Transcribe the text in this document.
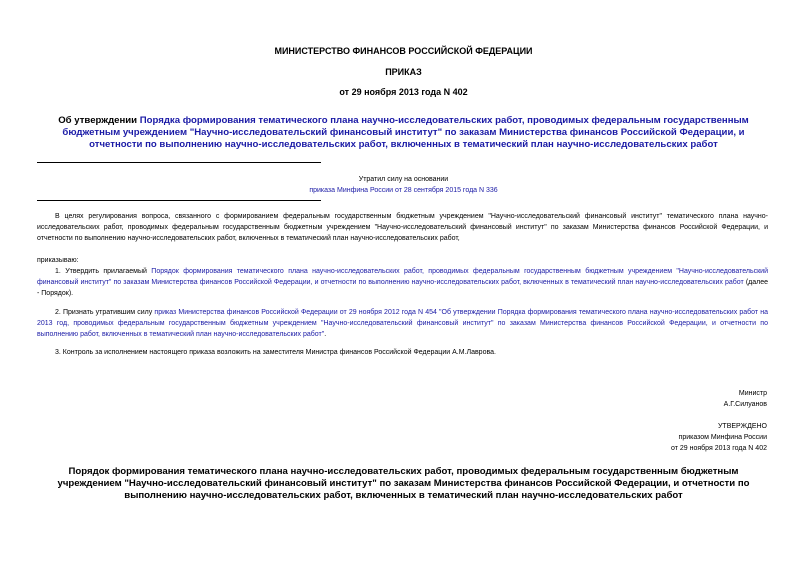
МИНИСТЕРСТВО ФИНАНСОВ РОССИЙСКОЙ ФЕДЕРАЦИИ
ПРИКАЗ
от 29 ноября 2013 года N 402
Об утверждении Порядка формирования тематического плана научно-исследовательских работ, проводимых федеральным государственным бюджетным учреждением "Научно-исследовательский финансовый институт" по заказам Министерства финансов Российской Федерации, и отчетности по выполнению научно-исследовательских работ, включенных в тематический план научно-исследовательских работ
Утратил силу на основании
приказа Минфина России от 28 сентября 2015 года N 336
В целях регулирования вопроса, связанного с формированием федеральным государственным бюджетным учреждением "Научно-исследовательский финансовый институт" тематического плана научно-исследовательских работ, проводимых федеральным государственным бюджетным учреждением "Научно-исследовательский финансовый институт" по заказам Министерства финансов Российской Федерации, и отчетности по выполнению научно-исследовательских работ, включенных в тематический план научно-исследовательских работ,
приказываю:
1. Утвердить прилагаемый Порядок формирования тематического плана научно-исследовательских работ, проводимых федеральным государственным бюджетным учреждением "Научно-исследовательский финансовый институт" по заказам Министерства финансов Российской Федерации, и отчетности по выполнению научно-исследовательских работ, включенных в тематический план научно-исследовательских работ (далее - Порядок).
2. Признать утратившим силу приказ Министерства финансов Российской Федерации от 29 ноября 2012 года N 454 "Об утверждении Порядка формирования тематического плана научно-исследовательских работ на 2013 год, проводимых федеральным государственным бюджетным учреждением "Научно-исследовательский финансовый институт" по заказам Министерства финансов Российской Федерации, и отчетности по выполнению работ, включенных в тематический план научно-исследовательских работ".
3. Контроль за исполнением настоящего приказа возложить на заместителя Министра финансов Российской Федерации А.М.Лаврова.
Министр
А.Г.Силуанов
УТВЕРЖДЕНО
приказом Минфина России
от 29 ноября 2013 года N 402
Порядок формирования тематического плана научно-исследовательских работ, проводимых федеральным государственным бюджетным учреждением "Научно-исследовательский финансовый институт" по заказам Министерства финансов Российской Федерации, и отчетности по выполнению научно-исследовательских работ, включенных в тематический план научно-исследовательских работ
